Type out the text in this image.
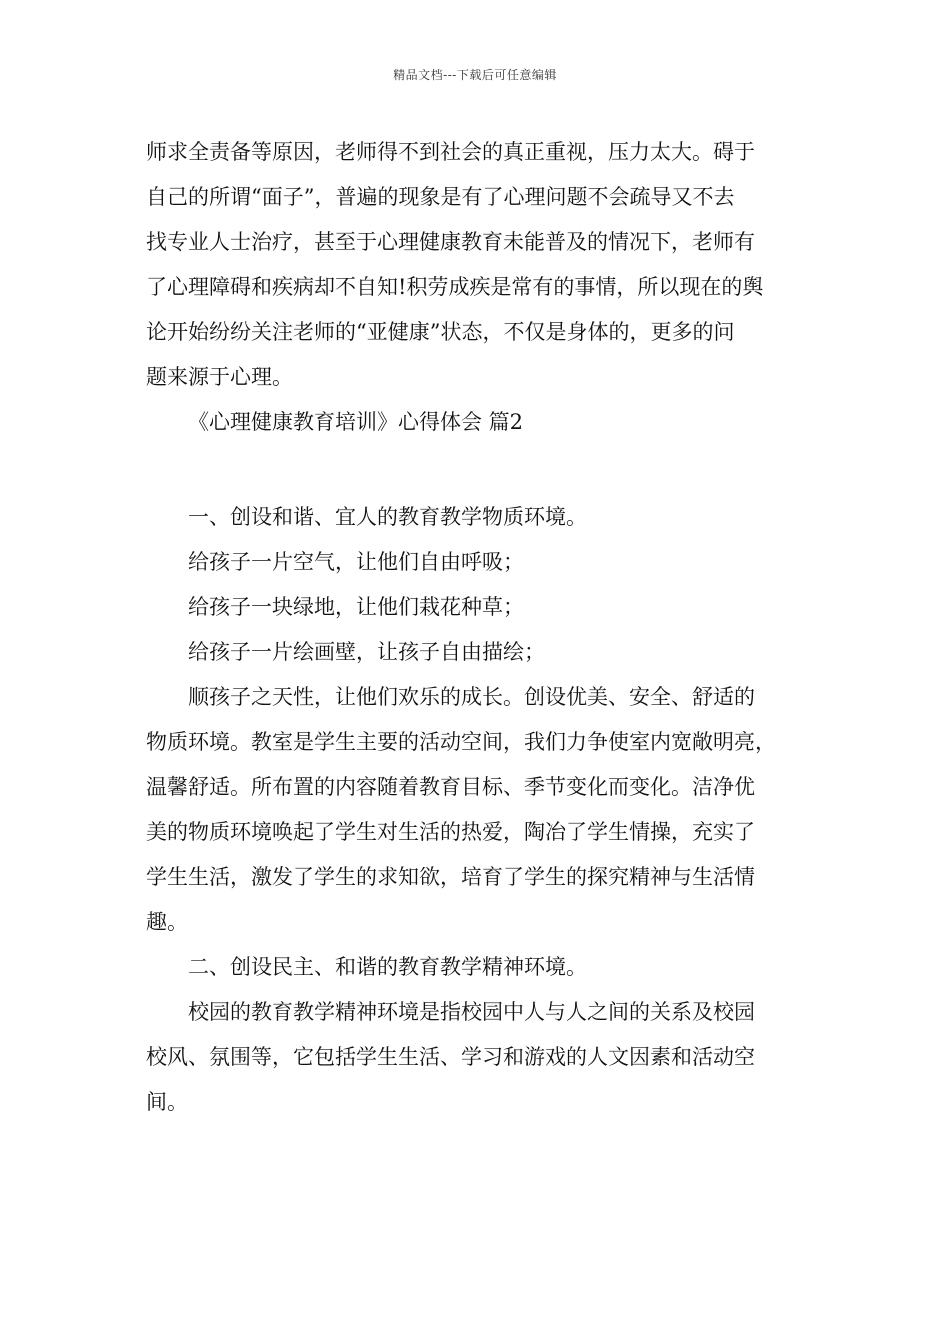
精品文档---下载后可任意编辑
师求全责备等原因，老师得不到社会的真正重视，压力太大。碍于
自己的所谓“面子”，普遍的现象是有了心理问题不会疏导又不去
找专业人士治疗，甚至于心理健康教育未能普及的情况下，老师有
了心理障碍和疾病却不自知!积劳成疾是常有的事情，所以现在的舆
论开始纷纷关注老师的“亚健康”状态，不仅是身体的，更多的问
题来源于心理。
《心理健康教育培训》心得体会 篇2
一、创设和谐、宜人的教育教学物质环境。
给孩子一片空气，让他们自由呼吸；
给孩子一块绿地，让他们栽花种草；
给孩子一片绘画壁，让孩子自由描绘；
顺孩子之天性，让他们欢乐的成长。创设优美、安全、舒适的
物质环境。教室是学生主要的活动空间，我们力争使室内宽敞明亮，
温馨舒适。所布置的内容随着教育目标、季节变化而变化。洁净优
美的物质环境唤起了学生对生活的热爱，陶冶了学生情操，充实了
学生生活，激发了学生的求知欲，培育了学生的探究精神与生活情
趣。
二、创设民主、和谐的教育教学精神环境。
校园的教育教学精神环境是指校园中人与人之间的关系及校园
校风、氛围等，它包括学生生活、学习和游戏的人文因素和活动空
间。
